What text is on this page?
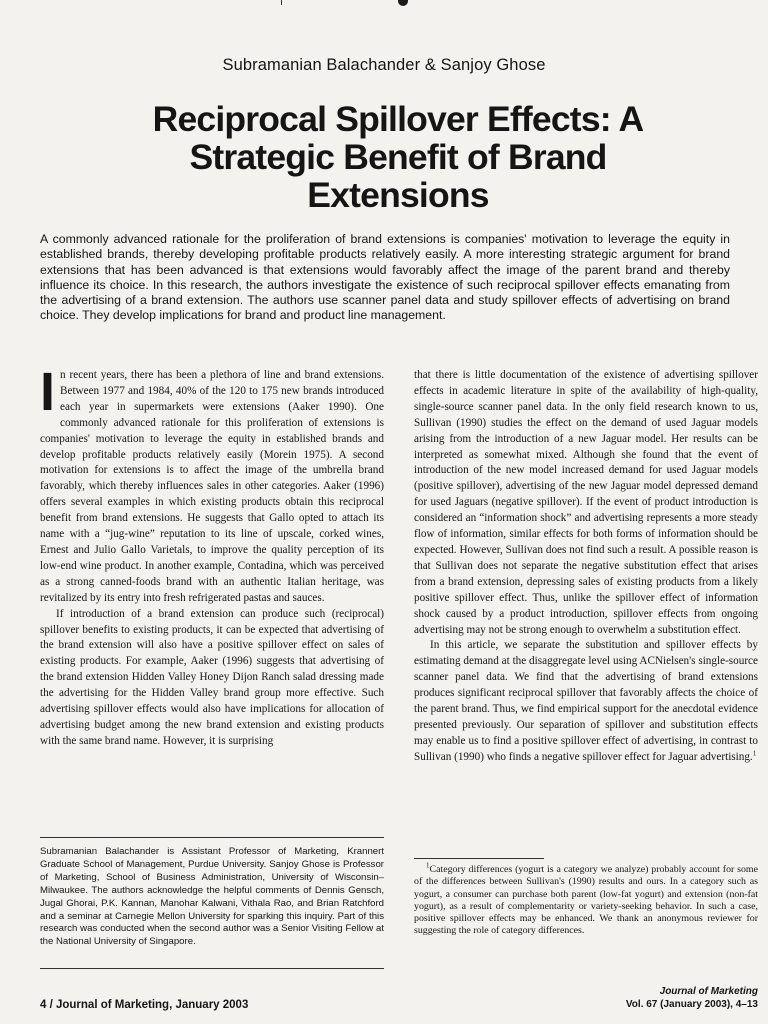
Subramanian Balachander & Sanjoy Ghose
Reciprocal Spillover Effects: A Strategic Benefit of Brand Extensions

A commonly advanced rationale for the proliferation of brand extensions is companies' motivation to leverage the equity in established brands, thereby developing profitable products relatively easily. A more interesting strategic argument for brand extensions that has been advanced is that extensions would favorably affect the image of the parent brand and thereby influence its choice. In this research, the authors investigate the existence of such reciprocal spillover effects emanating from the advertising of a brand extension. The authors use scanner panel data and study spillover effects of advertising on brand choice. They develop implications for brand and product line management.

In recent years, there has been a plethora of line and brand extensions. Between 1977 and 1984, 40% of the 120 to 175 new brands introduced each year in supermarkets were extensions (Aaker 1990). One commonly advanced rationale for this proliferation of extensions is companies' motivation to leverage the equity in established brands and develop profitable products relatively easily (Morein 1975). A second motivation for extensions is to affect the image of the umbrella brand favorably, which thereby influences sales in other categories. Aaker (1996) offers several examples in which existing products obtain this reciprocal benefit from brand extensions. He suggests that Gallo opted to attach its name with a “jug-wine” reputation to its line of upscale, corked wines, Ernest and Julio Gallo Varietals, to improve the quality perception of its low-end wine product. In another example, Contadina, which was perceived as a strong canned-foods brand with an authentic Italian heritage, was revitalized by its entry into fresh refrigerated pastas and sauces.

If introduction of a brand extension can produce such (reciprocal) spillover benefits to existing products, it can be expected that advertising of the brand extension will also have a positive spillover effect on sales of existing products. For example, Aaker (1996) suggests that advertising of the brand extension Hidden Valley Honey Dijon Ranch salad dressing made the advertising for the Hidden Valley brand group more effective. Such advertising spillover effects would also have implications for allocation of advertising budget among the new brand extension and existing products with the same brand name. However, it is surprising

that there is little documentation of the existence of advertising spillover effects in academic literature in spite of the availability of high-quality, single-source scanner panel data. In the only field research known to us, Sullivan (1990) studies the effect on the demand of used Jaguar models arising from the introduction of a new Jaguar model. Her results can be interpreted as somewhat mixed. Although she found that the event of introduction of the new model increased demand for used Jaguar models (positive spillover), advertising of the new Jaguar model depressed demand for used Jaguars (negative spillover). If the event of product introduction is considered an “information shock” and advertising represents a more steady flow of information, similar effects for both forms of information should be expected. However, Sullivan does not find such a result. A possible reason is that Sullivan does not separate the negative substitution effect that arises from a brand extension, depressing sales of existing products from a likely positive spillover effect. Thus, unlike the spillover effect of information shock caused by a product introduction, spillover effects from ongoing advertising may not be strong enough to overwhelm a substitution effect.

In this article, we separate the substitution and spillover effects by estimating demand at the disaggregate level using ACNielsen's single-source scanner panel data. We find that the advertising of brand extensions produces significant reciprocal spillover that favorably affects the choice of the parent brand. Thus, we find empirical support for the anecdotal evidence presented previously. Our separation of spillover and substitution effects may enable us to find a positive spillover effect of advertising, in contrast to Sullivan (1990) who finds a negative spillover effect for Jaguar advertising.$^1$

Subramanian Balachander is Assistant Professor of Marketing, Krannert Graduate School of Management, Purdue University. Sanjoy Ghose is Professor of Marketing, School of Business Administration, University of Wisconsin–Milwaukee. The authors acknowledge the helpful comments of Dennis Gensch, Jugal Ghorai, P.K. Kannan, Manohar Kalwani, Vithala Rao, and Brian Ratchford and a seminar at Carnegie Mellon University for sparking this inquiry. Part of this research was conducted when the second author was a Senior Visiting Fellow at the National University of Singapore.

$^1$Category differences (yogurt is a category we analyze) probably account for some of the differences between Sullivan's (1990) results and ours. In a category such as yogurt, a consumer can purchase both parent (low-fat yogurt) and extension (non-fat yogurt), as a result of complementarity or variety-seeking behavior. In such a case, positive spillover effects may be enhanced. We thank an anonymous reviewer for suggesting the role of category differences.

4 / Journal of Marketing, January 2003
Journal of Marketing
Vol. 67 (January 2003), 4–13
